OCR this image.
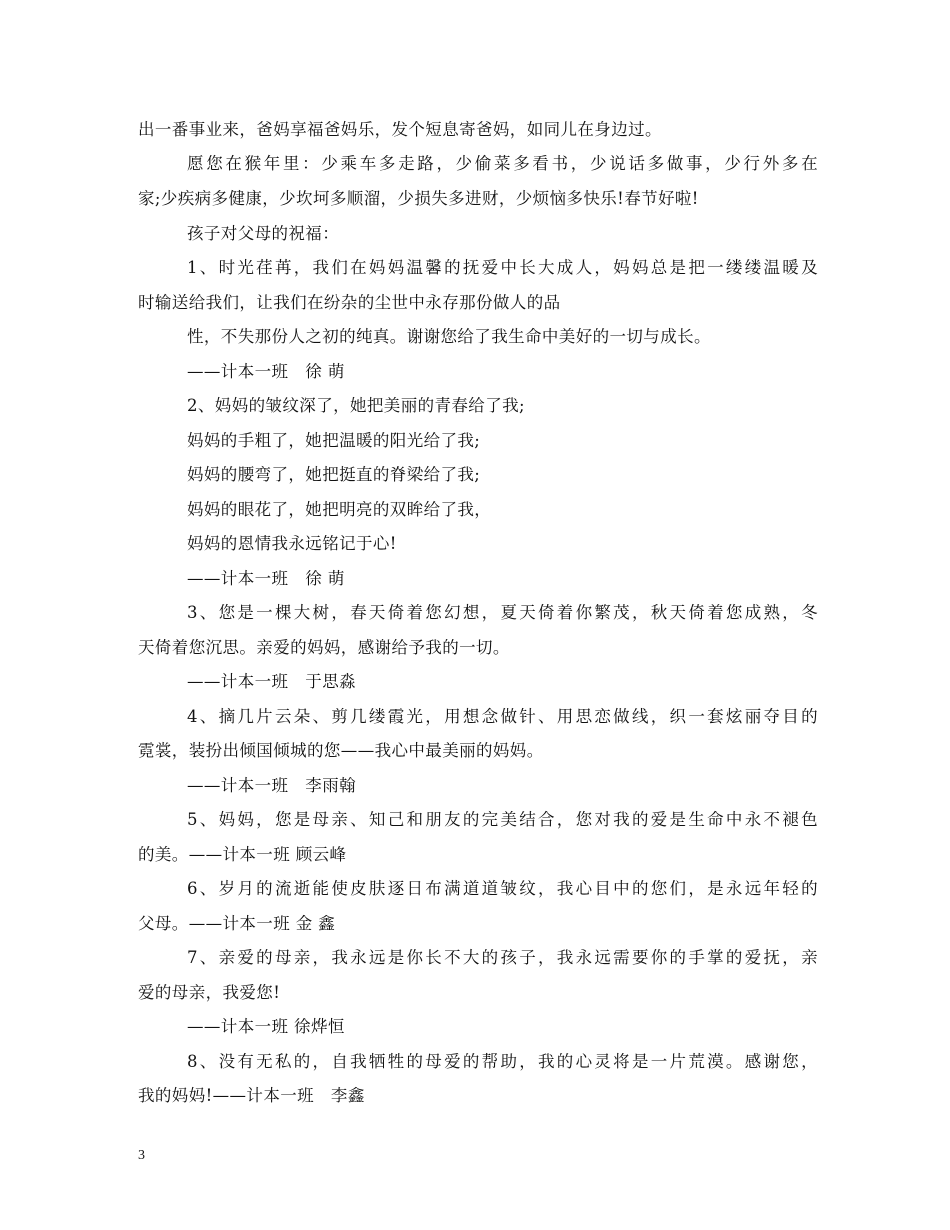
出一番事业来，爸妈享福爸妈乐，发个短息寄爸妈，如同儿在身边过。
愿您在猴年里：少乘车多走路，少偷菜多看书，少说话多做事，少行外多在
家;少疾病多健康，少坎坷多顺溜，少损失多进财，少烦恼多快乐!春节好啦!
孩子对父母的祝福：
1、时光荏苒，我们在妈妈温馨的抚爱中长大成人，妈妈总是把一缕缕温暖及
时输送给我们，让我们在纷杂的尘世中永存那份做人的品
性，不失那份人之初的纯真。谢谢您给了我生命中美好的一切与成长。
——计本一班　徐 萌
2、妈妈的皱纹深了，她把美丽的青春给了我;
妈妈的手粗了，她把温暖的阳光给了我;
妈妈的腰弯了，她把挺直的脊梁给了我;
妈妈的眼花了，她把明亮的双眸给了我，
妈妈的恩情我永远铭记于心!
——计本一班　徐 萌
3、您是一棵大树，春天倚着您幻想，夏天倚着你繁茂，秋天倚着您成熟，冬
天倚着您沉思。亲爱的妈妈，感谢给予我的一切。
——计本一班　于思淼
4、摘几片云朵、剪几缕霞光，用想念做针、用思恋做线，织一套炫丽夺目的
霓裳，装扮出倾国倾城的您——我心中最美丽的妈妈。
——计本一班　李雨翰
5、妈妈，您是母亲、知己和朋友的完美结合，您对我的爱是生命中永不褪色
的美。——计本一班 顾云峰
6、岁月的流逝能使皮肤逐日布满道道皱纹，我心目中的您们，是永远年轻的
父母。——计本一班 金 鑫
7、亲爱的母亲，我永远是你长不大的孩子，我永远需要你的手掌的爱抚，亲
爱的母亲，我爱您!
——计本一班 徐烨恒
8、没有无私的，自我牺牲的母爱的帮助，我的心灵将是一片荒漠。感谢您，
我的妈妈!——计本一班　李鑫
3
